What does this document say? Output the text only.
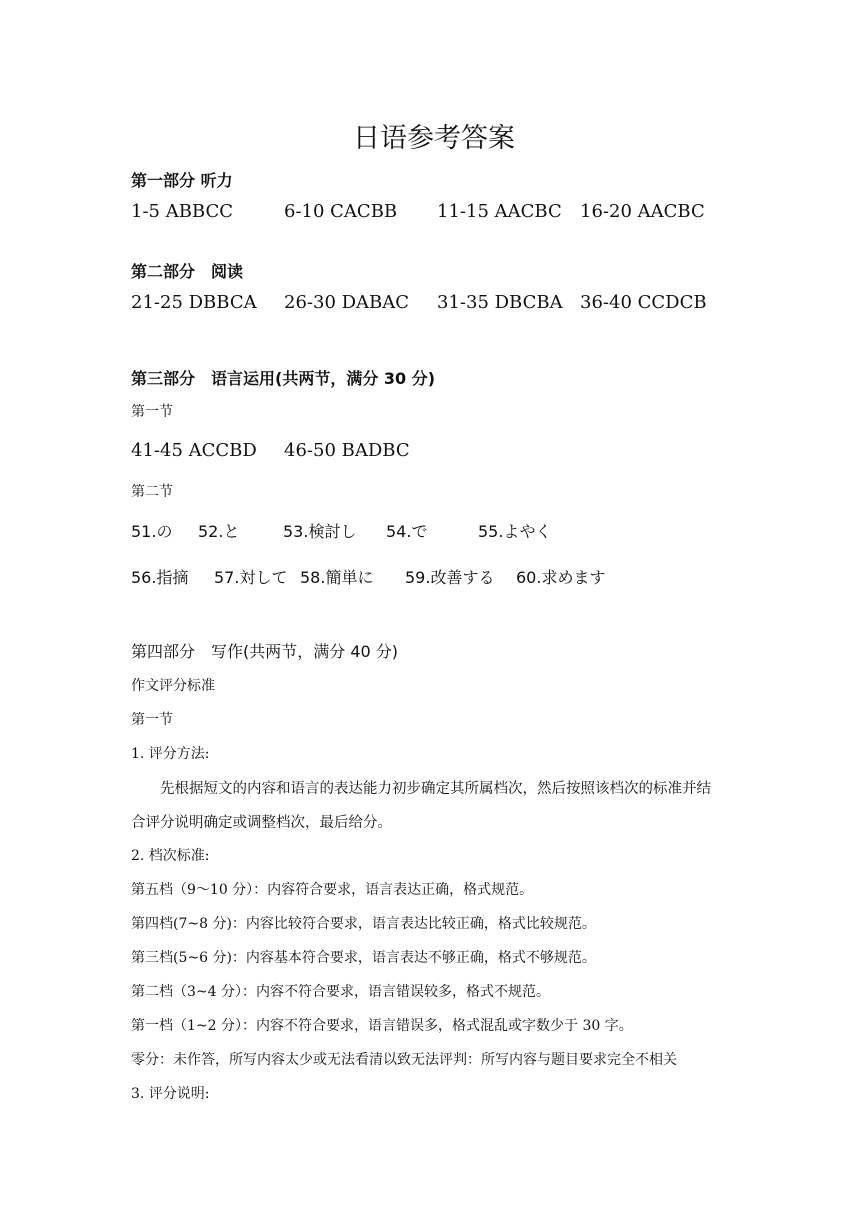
日语参考答案
第一部分 听力
1-5 ABBCC	6-10 CACBB 11-15 AACBC 16-20 AACBC
第二部分　阅读
21-25 DBBCA 26-30 DABAC 31-35 DBCBA 36-40 CCDCB
第三部分　语言运用(共两节，满分 30 分)
第一节
41-45 ACCBD 46-50 BADBC
第二节
51.の 52.と	53.検討し 54.で	55.よやく
56.指摘 57.対して 58.簡単に 59.改善する 60.求めます
第四部分　写作(共两节，满分 40 分)
作文评分标准
第一节
1. 评分方法:
先根据短文的内容和语言的表达能力初步确定其所属档次，然后按照该档次的标准并结
合评分说明确定或调整档次，最后给分。
2. 档次标准:
第五档（9～10 分）：内容符合要求，语言表达正确，格式规范。
第四档(7~8 分)：内容比较符合要求，语言表达比较正确，格式比较规范。
第三档(5~6 分)：内容基本符合要求，语言表达不够正确，格式不够规范。
第二档（3~4 分）：内容不符合要求，语言错误较多，格式不规范。
第一档（1~2 分）：内容不符合要求，语言错误多，格式混乱或字数少于 30 字。
零分：未作答，所写内容太少或无法看清以致无法评判：所写内容与题目要求完全不相关
3. 评分说明:
